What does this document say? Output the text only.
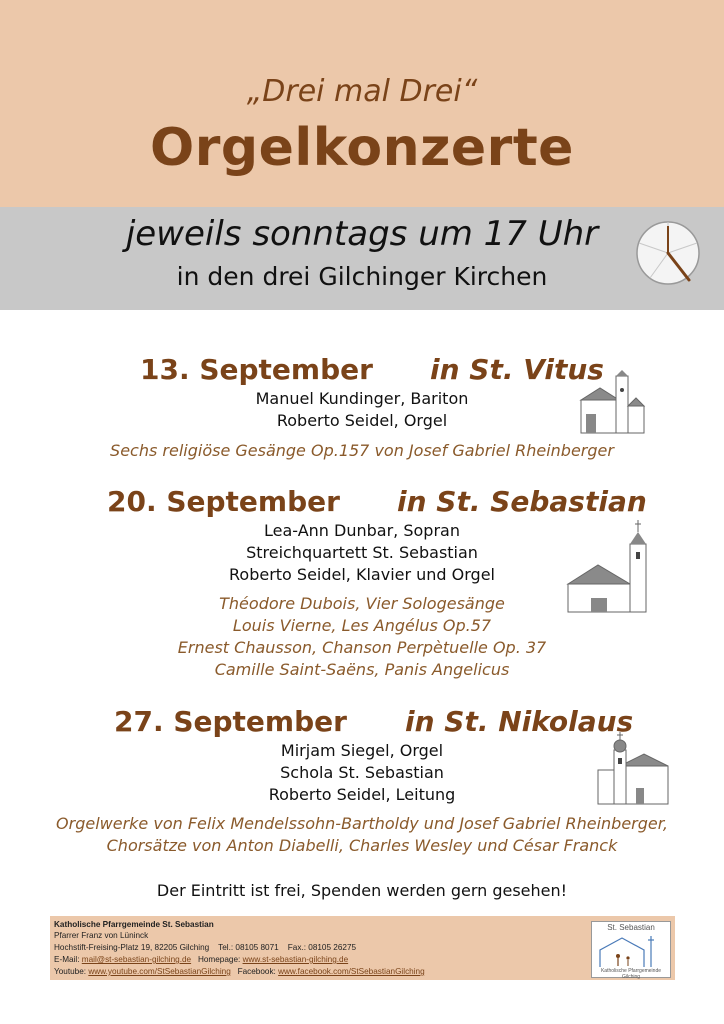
„Drei mal Drei“
Orgelkonzerte
jeweils sonntags um 17 Uhr
in den drei Gilchinger Kirchen
13. September in St. Vitus
Manuel Kundinger, Bariton
Roberto Seidel, Orgel
Sechs religiöse Gesänge Op.157 von Josef Gabriel Rheinberger
20. September in St. Sebastian
Lea-Ann Dunbar, Sopran
Streichquartett St. Sebastian
Roberto Seidel, Klavier und Orgel
Théodore Dubois, Vier Sologesänge
Louis Vierne, Les Angélus Op.57
Ernest Chausson, Chanson Perpètuelle Op. 37
Camille Saint-Saëns, Panis Angelicus
27. September in St. Nikolaus
Mirjam Siegel, Orgel
Schola St. Sebastian
Roberto Seidel, Leitung
Orgelwerke von Felix Mendelssohn-Bartholdy und Josef Gabriel Rheinberger,
Chorsätze von Anton Diabelli, Charles Wesley und César Franck
Der Eintritt ist frei, Spenden werden gern gesehen!
Katholische Pfarrgemeinde St. Sebastian
Pfarrer Franz von Lüninck
Hochstift-Freising-Platz 19, 82205 Gilching Tel.: 08105 8071 Fax.: 08105 26275
E-Mail: mail@st-sebastian-gilching.de Homepage: www.st-sebastian-gilching.de
Youtube: www.youtube.com/StSebastianGilching Facebook: www.facebook.com/StSebastianGilching
St. Sebastian
Katholische Pfarrgemeinde Gilching
